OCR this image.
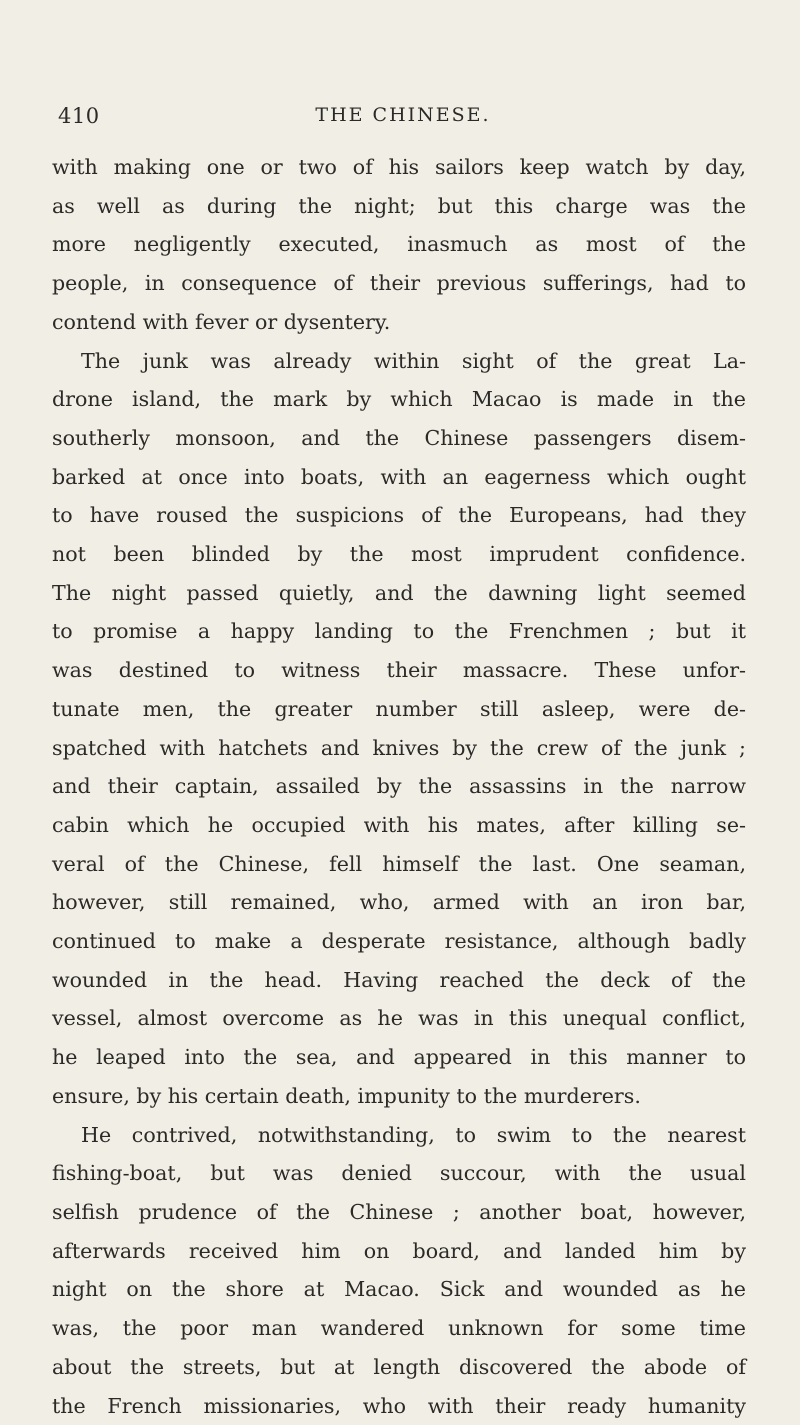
410	THE CHINESE.
with making one or two of his sailors keep watch by day,
as well as during the night; but this charge was the
more negligently executed, inasmuch as most of the
people, in consequence of their previous sufferings, had to
contend with fever or dysentery.
The junk was already within sight of the great La-
drone island, the mark by which Macao is made in the
southerly monsoon, and the Chinese passengers disem-
barked at once into boats, with an eagerness which ought
to have roused the suspicions of the Europeans, had they
not been blinded by the most imprudent confidence.
The night passed quietly, and the dawning light seemed
to promise a happy landing to the Frenchmen ; but it
was destined to witness their massacre. These unfor-
tunate men, the greater number still asleep, were de-
spatched with hatchets and knives by the crew of the junk ;
and their captain, assailed by the assassins in the narrow
cabin which he occupied with his mates, after killing se-
veral of the Chinese, fell himself the last. One seaman,
however, still remained, who, armed with an iron bar,
continued to make a desperate resistance, although badly
wounded in the head. Having reached the deck of the
vessel, almost overcome as he was in this unequal conflict,
he leaped into the sea, and appeared in this manner to
ensure, by his certain death, impunity to the murderers.
He contrived, notwithstanding, to swim to the nearest
fishing-boat, but was denied succour, with the usual
selfish prudence of the Chinese ; another boat, however,
afterwards received him on board, and landed him by
night on the shore at Macao. Sick and wounded as he
was, the poor man wandered unknown for some time
about the streets, but at length discovered the abode of
the French missionaries, who with their ready humanity
